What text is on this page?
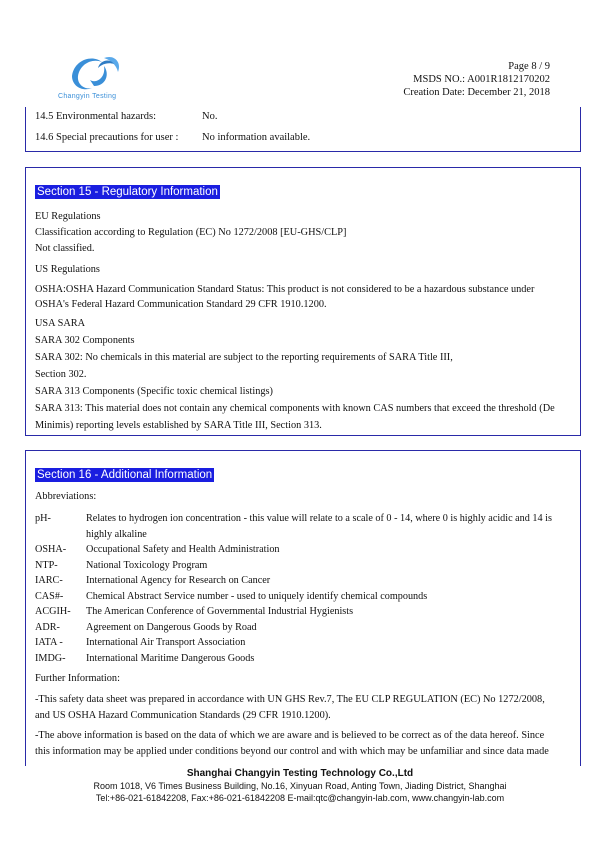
Changyin Testing
Page 8 / 9
MSDS NO.: A001R1812170202
Creation Date: December 21, 2018
14.5 Environmental hazards:	No.
14.6 Special precautions for user : No information available.
Section 15 - Regulatory Information
EU Regulations
Classification according to Regulation (EC) No 1272/2008 [EU-GHS/CLP]
Not classified.
US Regulations
OSHA:OSHA Hazard Communication Standard Status: This product is not considered to be a hazardous substance under
OSHA's Federal Hazard Communication Standard 29 CFR 1910.1200.
USA SARA
SARA 302 Components
SARA 302: No chemicals in this material are subject to the reporting requirements of SARA Title III,
Section 302.
SARA 313 Components (Specific toxic chemical listings)
SARA 313: This material does not contain any chemical components with known CAS numbers that exceed the threshold (De
Minimis) reporting levels established by SARA Title III, Section 313.
Section 16 - Additional Information
Abbreviations:
pH-	Relates to hydrogen ion concentration - this value will relate to a scale of 0 - 14, where 0 is highly acidic and 14 is
highly alkaline
OSHA- Occupational Safety and Health Administration
NTP-	National Toxicology Program
IARC- International Agency for Research on Cancer
CAS#- Chemical Abstract Service number - used to uniquely identify chemical compounds
ACGIH- The American Conference of Governmental Industrial Hygienists
ADR-	Agreement on Dangerous Goods by Road
IATA - International Air Transport Association
IMDG- International Maritime Dangerous Goods
Further Information:
-This safety data sheet was prepared in accordance with UN GHS Rev.7, The EU CLP REGULATION (EC) No 1272/2008,
and US OSHA Hazard Communication Standards (29 CFR 1910.1200).
-The above information is based on the data of which we are aware and is believed to be correct as of the data hereof. Since
this information may be applied under conditions beyond our control and with which may be unfamiliar and since data made
Shanghai Changyin Testing Technology Co.,Ltd
Room 1018, V6 Times Business Building, No.16, Xinyuan Road, Anting Town, Jiading District, Shanghai
Tel:+86-021-61842208, Fax:+86-021-61842208 E-mail:qtc@changyin-lab.com, www.changyin-lab.com
